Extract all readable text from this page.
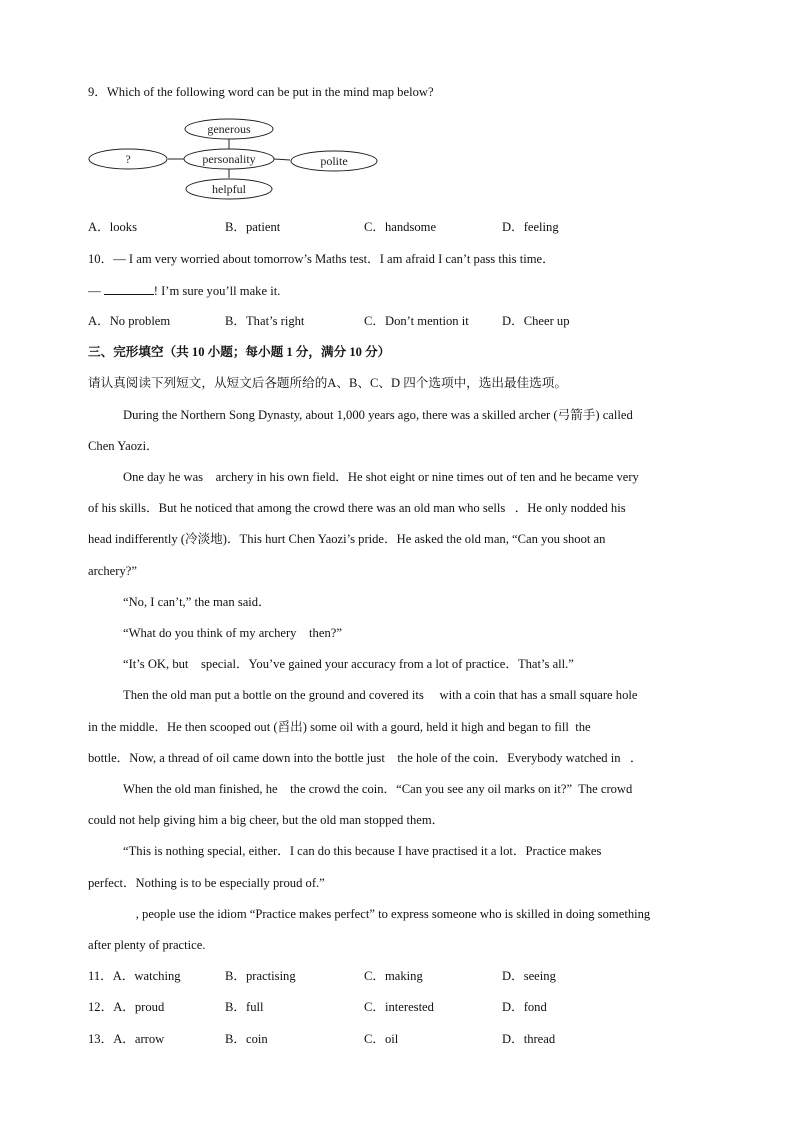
9．Which of the following word can be put in the mind map below?
generous
personality
helpful
?	polite
A．looks	B．patient	C．handsome	D．feeling
10．— I am very worried about tomorrow’s Maths test．I am afraid I can’t pass this time．
—	! I’m sure you’ll make it.
A．No problem	B．That’s right	C．Don’t mention it	D．Cheer up
三、完形填空（共 10 小题；每小题 1 分，满分 10 分）
请认真阅读下列短文，从短文后各题所给的A、B、C、D 四个选项中，选出最佳选项。
During the Northern Song Dynasty, about 1,000 years ago, there was a skilled archer (弓箭手) called
Chen Yaozi．
One day he was    archery in his own field．He shot eight or nine times out of ten and he became very
of his skills．But he noticed that among the crowd there was an old man who sells   ．He only nodded his
head indifferently (冷淡地)．This hurt Chen Yaozi’s pride．He asked the old man, “Can you shoot an
archery?”
“No, I can’t,” the man said．
“What do you think of my archery    then?”
“It’s OK, but    special．You’ve gained your accuracy from a lot of practice．That’s all.”
Then the old man put a bottle on the ground and covered its     with a coin that has a small square hole
in the middle．He then scooped out (舀出) some oil with a gourd, held it high and began to fill  the
bottle．Now, a thread of oil came down into the bottle just    the hole of the coin．Everybody watched in   ．
When the old man finished, he    the crowd the coin．“Can you see any oil marks on it?”  The crowd
could not help giving him a big cheer, but the old man stopped them．
“This is nothing special, either．I can do this because I have practised it a lot．Practice makes
perfect．Nothing is to be especially proud of.”
, people use the idiom “Practice makes perfect” to express someone who is skilled in doing something
after plenty of practice.
11．A．watching	B．practising	C．making	D．seeing
12．A．proud	B．full	C．interested	D．fond
13．A．arrow	B．coin	C．oil	D．thread
